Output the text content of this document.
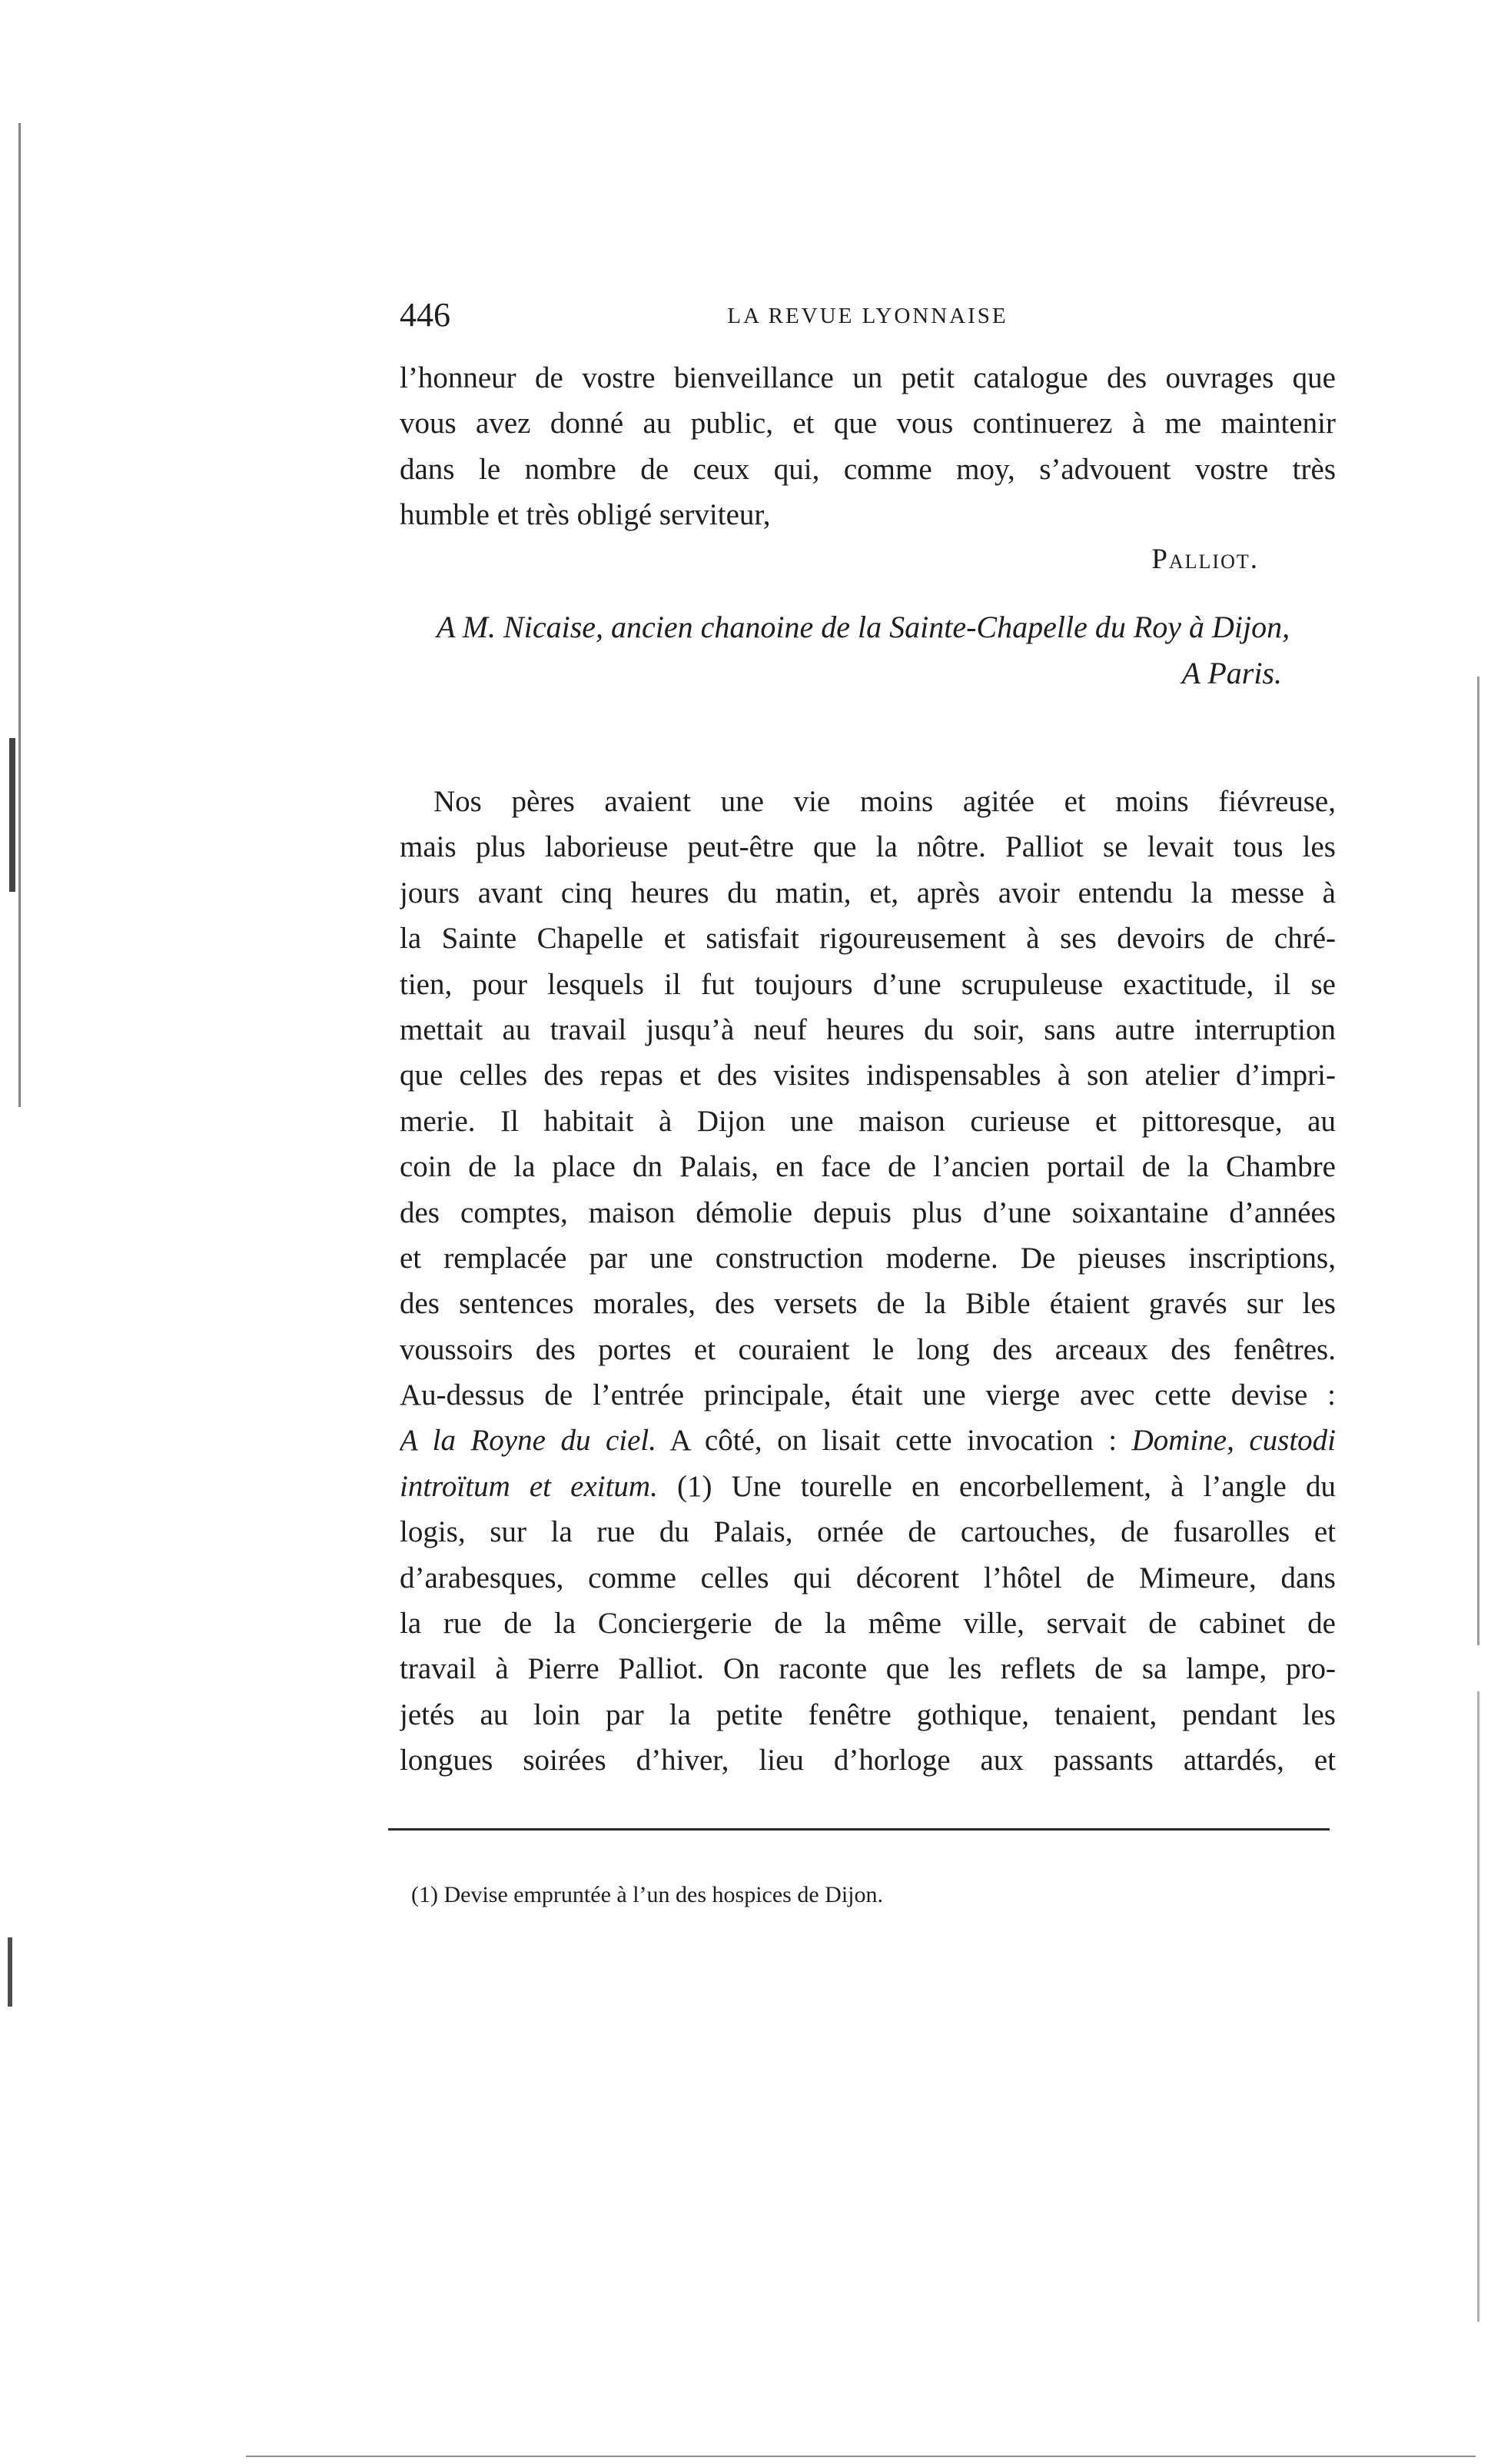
446	LA REVUE LYONNAISE
l’honneur de vostre bienveillance un petit catalogue des ouvrages que
vous avez donné au public, et que vous continuerez à me maintenir
dans le nombre de ceux qui, comme moy, s’advouent vostre très
humble et très obligé serviteur,
Palliot.
A M. Nicaise, ancien chanoine de la Sainte-Chapelle du Roy à Dijon,
A Paris.
Nos pères avaient une vie moins agitée et moins fiévreuse,
mais plus laborieuse peut-être que la nôtre. Palliot se levait tous les
jours avant cinq heures du matin, et, après avoir entendu la messe à
la Sainte Chapelle et satisfait rigoureusement à ses devoirs de chré-
tien, pour lesquels il fut toujours d’une scrupuleuse exactitude, il se
mettait au travail jusqu’à neuf heures du soir, sans autre interruption
que celles des repas et des visites indispensables à son atelier d’impri-
merie. Il habitait à Dijon une maison curieuse et pittoresque, au
coin de la place dn Palais, en face de l’ancien portail de la Chambre
des comptes, maison démolie depuis plus d’une soixantaine d’années
et remplacée par une construction moderne. De pieuses inscriptions,
des sentences morales, des versets de la Bible étaient gravés sur les
voussoirs des portes et couraient le long des arceaux des fenêtres.
Au-dessus de l’entrée principale, était une vierge avec cette devise :
A la Royne du ciel. A côté, on lisait cette invocation : Domine, custodi
introïtum et exitum. (1) Une tourelle en encorbellement, à l’angle du
logis, sur la rue du Palais, ornée de cartouches, de fusarolles et
d’arabesques, comme celles qui décorent l’hôtel de Mimeure, dans
la rue de la Conciergerie de la même ville, servait de cabinet de
travail à Pierre Palliot. On raconte que les reflets de sa lampe, pro-
jetés au loin par la petite fenêtre gothique, tenaient, pendant les
longues soirées d’hiver, lieu d’horloge aux passants attardés, et
(1) Devise empruntée à l’un des hospices de Dijon.
